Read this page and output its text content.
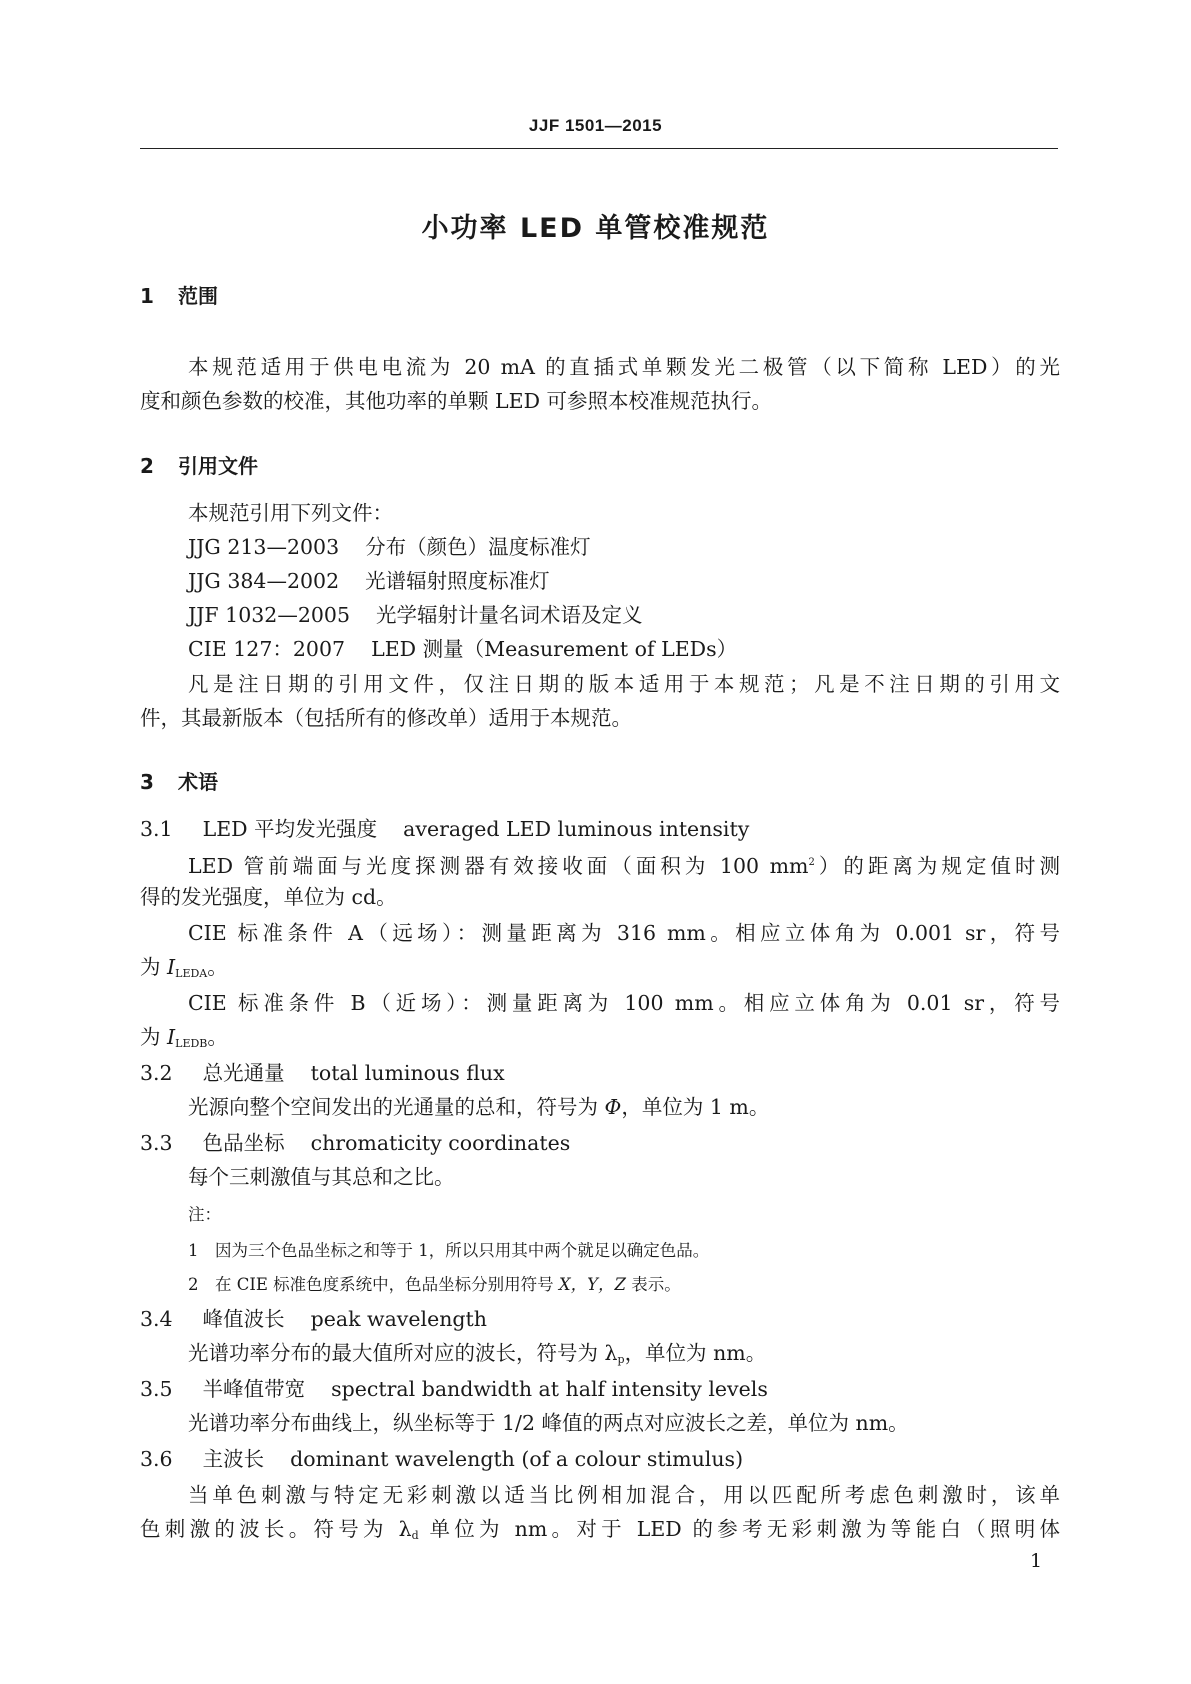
JJF 1501—2015
小功率 LED 单管校准规范
1 范围
本规范适用于供电电流为 20 mA 的直插式单颗发光二极管（以下简称 LED）的光
度和颜色参数的校准，其他功率的单颗 LED 可参照本校准规范执行。
2 引用文件
本规范引用下列文件：
JJG 213—2003 分布（颜色）温度标准灯
JJG 384—2002 光谱辐射照度标准灯
JJF 1032—2005 光学辐射计量名词术语及定义
CIE 127：2007 LED 测量（Measurement of LEDs）
凡是注日期的引用文件，仅注日期的版本适用于本规范；凡是不注日期的引用文
件，其最新版本（包括所有的修改单）适用于本规范。
3 术语
3.1 LED 平均发光强度 averaged LED luminous intensity
LED 管前端面与光度探测器有效接收面（面积为 100 $mm^2$）的距离为规定值时测
得的发光强度，单位为 cd。
CIE 标准条件 A（远场）：测量距离为 316 mm。相应立体角为 0.001 sr，符号
为 $I_{LEDA}$。
CIE 标准条件 B（近场）：测量距离为 100 mm。相应立体角为 0.01 sr，符号
为 $I_{LEDB}$。
3.2 总光通量 total luminous flux
光源向整个空间发出的光通量的总和，符号为 Φ，单位为 1 m。
3.3 色品坐标 chromaticity coordinates
每个三刺激值与其总和之比。
注：
1　因为三个色品坐标之和等于 1，所以只用其中两个就足以确定色品。
2　在 CIE 标准色度系统中，色品坐标分别用符号 X，Y，Z 表示。
3.4 峰值波长 peak wavelength
光谱功率分布的最大值所对应的波长，符号为 $\lambda_p$，单位为 nm。
3.5 半峰值带宽 spectral bandwidth at half intensity levels
光谱功率分布曲线上，纵坐标等于 1/2 峰值的两点对应波长之差，单位为 nm。
3.6 主波长 dominant wavelength (of a colour stimulus)
当单色刺激与特定无彩刺激以适当比例相加混合，用以匹配所考虑色刺激时，该单
色刺激的波长。符号为 $\lambda_d$ 单位为 nm。对于 LED 的参考无彩刺激为等能白（照明体
1
